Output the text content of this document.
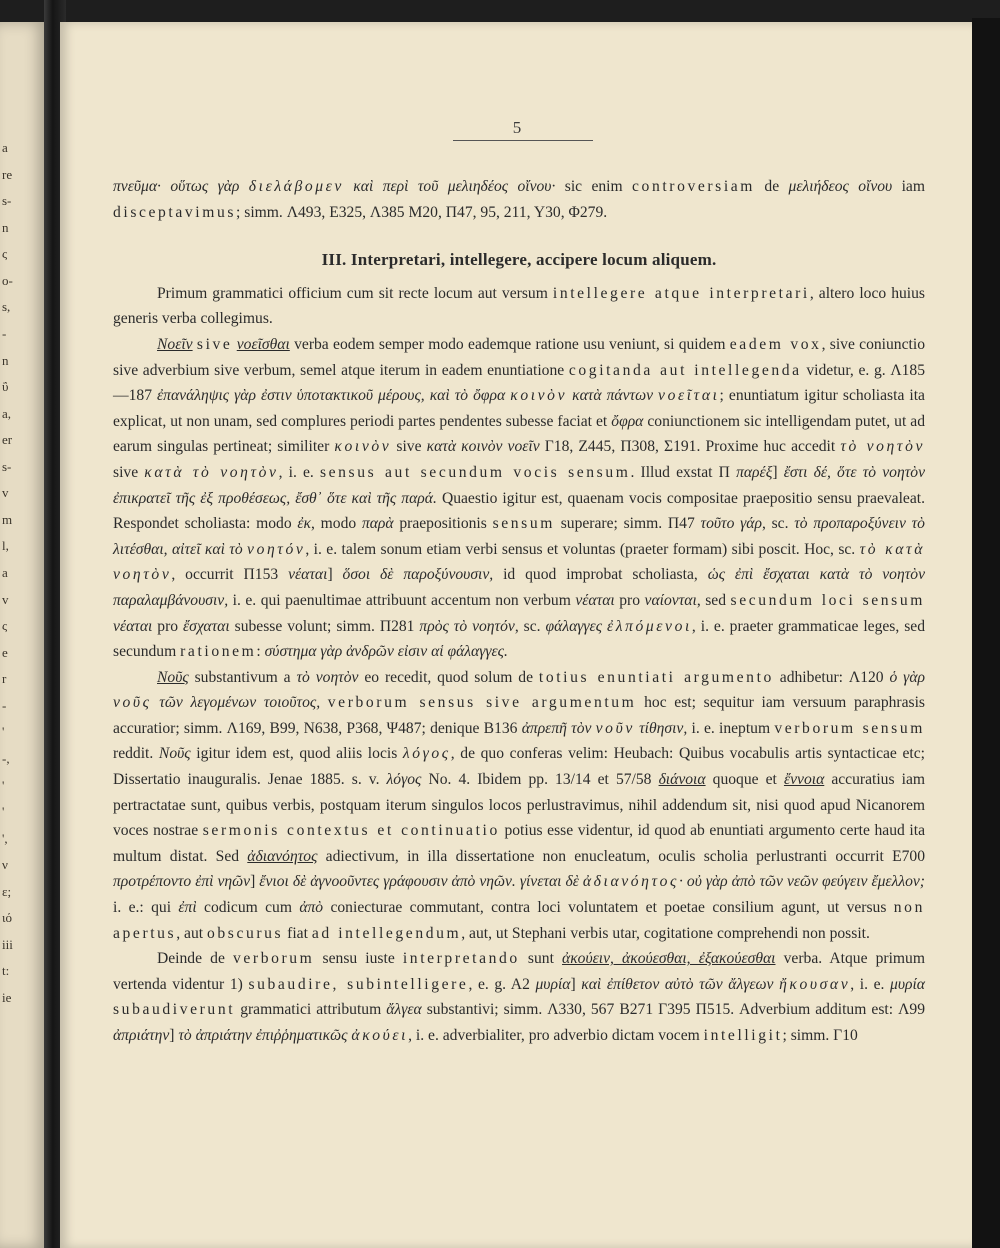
a
re
s-
n
ς
o-
s,
-
n
ΰ
a,
er
s-
v
m
l,
a
v
ς
e
r
-
'
-,
'
'
',
ν
ε;
ιό
iii
t:
ie
5

πνεῦμα· οὕτως γὰρ διελάβομεν καὶ περὶ τοῦ μελιηδέος οἴνου· sic enim controversiam de μελιήδεος οἴνου iam disceptavimus; simm. Λ493, E325, Λ385 M20, Π47, 95, 211, Υ30, Φ279.

III. Interpretari, intellegere, accipere locum aliquem.

Primum grammatici officium cum sit recte locum aut versum intellegere atque interpretari, altero loco huius generis verba collegimus.

Νοεῖν sive νοεῖσθαι verba eodem semper modo eademque ratione usu veniunt, si quidem eadem vox, sive coniunctio sive adverbium sive verbum, semel atque iterum in eadem enuntiatione cogitanda aut intellegenda videtur, e. g. Λ185—187 ἐπανάληψις γὰρ ἐστιν ὑποτακτικοῦ μέρους, καὶ τὸ ὄφρα κοινὸν κατὰ πάντων νοεῖται; enuntiatum igitur scholiasta ita explicat, ut non unam, sed complures periodi partes pendentes subesse faciat et ὄφρα coniunctionem sic intelligendam putet, ut ad earum singulas pertineat; similiter κοινὸν sive κατὰ κοινὸν νοεῖν Γ18, Z445, Π308, Σ191. Proxime huc accedit τὸ νοητὸν sive κατὰ τὸ νοητὸν, i. e. sensus aut secundum vocis sensum. Illud exstat Π παρέξ] ἔστι δέ, ὅτε τὸ νοητὸν ἐπικρατεῖ τῆς ἐξ προθέσεως, ἔσθ᾿ ὅτε καὶ τῆς παρά. Quaestio igitur est, quaenam vocis compositae praepositio sensu praevaleat. Respondet scholiasta: modo ἐκ, modo παρὰ praepositionis sensum superare; simm. Π47 τοῦτο γάρ, sc. τὸ προπαροξύνειν τὸ λιτέσθαι, αἰτεῖ καὶ τὸ νοητόν, i. e. talem sonum etiam verbi sensus et voluntas (praeter formam) sibi poscit. Hoc, sc. τὸ κατὰ νοητὸν, occurrit Π153 νέαται] ὅσοι δὲ παροξύνουσιν, id quod improbat scholiasta, ὡς ἐπὶ ἔσχαται κατὰ τὸ νοητὸν παραλαμβάνουσιν, i. e. qui paenultimae attribuunt accentum non verbum νέαται pro ναίονται, sed secundum loci sensum νέαται pro ἔσχαται subesse volunt; simm. Π281 πρὸς τὸ νοητόν, sc. φάλαγγες ἐλπόμενοι, i. e. praeter grammaticae leges, sed secundum rationem: σύστημα γὰρ ἀνδρῶν εἰσιν αἱ φάλαγγες.

Νοῦς substantivum a τὸ νοητὸν eo recedit, quod solum de totius enuntiati argumento adhibetur: Λ120 ὁ γὰρ νοῦς τῶν λεγομένων τοιοῦτος, verborum sensus sive argumentum hoc est; sequitur iam versuum paraphrasis accuratior; simm. Λ169, B99, N638, P368, Ψ487; denique B136 ἀπρεπῆ τὸν νοῦν τίθησιν, i. e. ineptum verborum sensum reddit. Νοῦς igitur idem est, quod aliis locis λόγος, de quo conferas velim: Heubach: Quibus vocabulis artis syntacticae etc; Dissertatio inauguralis. Jenae 1885. s. v. λόγος No. 4. Ibidem pp. 13/14 et 57/58 διάνοια quoque et ἔννοια accuratius iam pertractatae sunt, quibus verbis, postquam iterum singulos locos perlustravimus, nihil addendum sit, nisi quod apud Nicanorem voces nostrae sermonis contextus et continuatio potius esse videntur, id quod ab enuntiati argumento certe haud ita multum distat. Sed ἀδιανόητος adiectivum, in illa dissertatione non enucleatum, oculis scholia perlustranti occurrit E700 προτρέποντο ἐπὶ νηῶν] ἔνιοι δὲ ἀγνοοῦντες γράφουσιν ἀπὸ νηῶν. γίνεται δὲ ἀδιανόητος· οὐ γὰρ ἀπὸ τῶν νεῶν φεύγειν ἔμελλον; i. e.: qui ἐπὶ codicum cum ἀπὸ coniecturae commutant, contra loci voluntatem et poetae consilium agunt, ut versus non apertus, aut obscurus fiat ad intellegendum, aut, ut Stephani verbis utar, cogitatione comprehendi non possit.

Deinde de verborum sensu iuste interpretando sunt ἀκούειν, ἀκούεσθαι, ἐξακούεσθαι verba. Atque primum vertenda videntur 1) subaudire, subintelligere, e. g. A2 μυρία] καὶ ἐπίθετον αὐτὸ τῶν ἄλγεων ἤκουσαν, i. e. μυρία subaudiverunt grammatici attributum ἄλγεα substantivi; simm. Λ330, 567 B271 Γ395 Π515. Adverbium additum est: Λ99 ἀπριάτην] τὸ ἀπριάτην ἐπιῤῥηματικῶς ἀκούει, i. e. adverbialiter, pro adverbio dictam vocem intelligit; simm. Γ10
